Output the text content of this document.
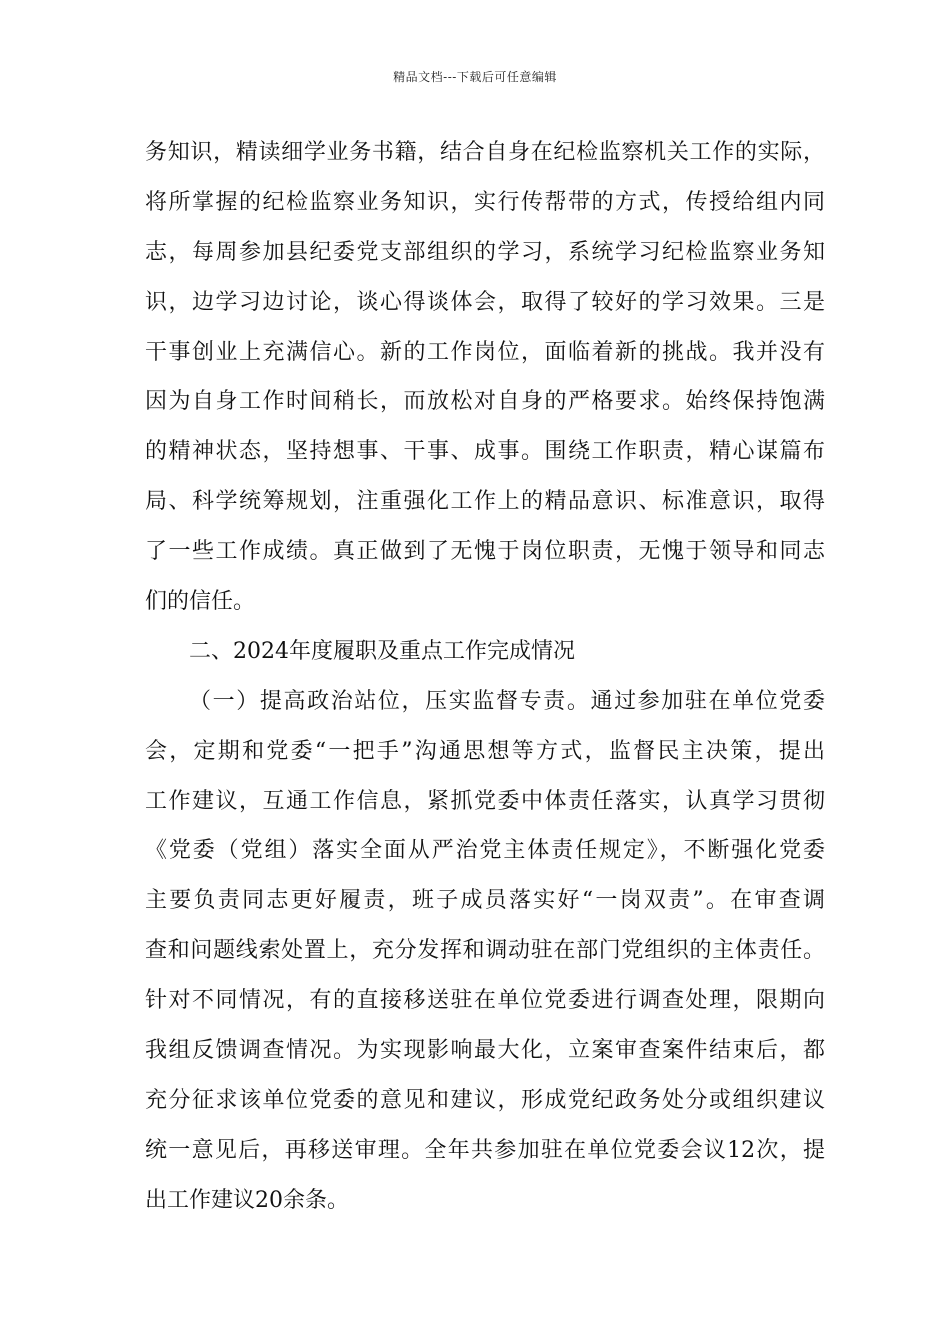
精品文档---下载后可任意编辑
务知识，精读细学业务书籍，结合自身在纪检监察机关工作的实际，
将所掌握的纪检监察业务知识，实行传帮带的方式，传授给组内同
志，每周参加县纪委党支部组织的学习，系统学习纪检监察业务知
识，边学习边讨论，谈心得谈体会，取得了较好的学习效果。三是
干事创业上充满信心。新的工作岗位，面临着新的挑战。我并没有
因为自身工作时间稍长，而放松对自身的严格要求。始终保持饱满
的精神状态，坚持想事、干事、成事。围绕工作职责，精心谋篇布
局、科学统筹规划，注重强化工作上的精品意识、标准意识，取得
了一些工作成绩。真正做到了无愧于岗位职责，无愧于领导和同志
们的信任。
二、2024年度履职及重点工作完成情况
（一）提高政治站位，压实监督专责。通过参加驻在单位党委
会，定期和党委“一把手”沟通思想等方式，监督民主决策，提出
工作建议，互通工作信息，紧抓党委中体责任落实，认真学习贯彻
《党委（党组）落实全面从严治党主体责任规定》，不断强化党委
主要负责同志更好履责，班子成员落实好“一岗双责”。在审查调
查和问题线索处置上，充分发挥和调动驻在部门党组织的主体责任。
针对不同情况，有的直接移送驻在单位党委进行调查处理，限期向
我组反馈调查情况。为实现影响最大化，立案审查案件结束后，都
充分征求该单位党委的意见和建议，形成党纪政务处分或组织建议
统一意见后，再移送审理。全年共参加驻在单位党委会议12次，提
出工作建议20余条。
